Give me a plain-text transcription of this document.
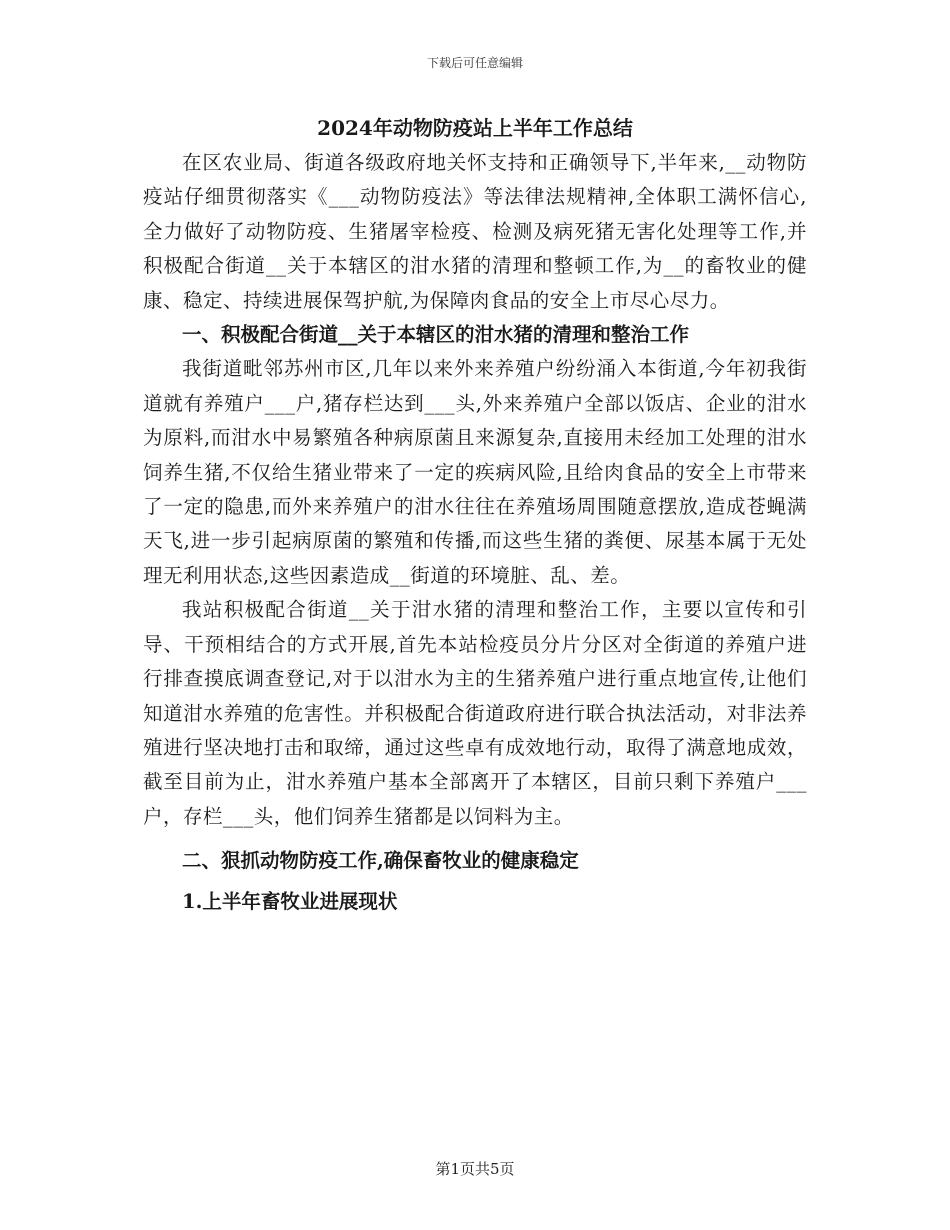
下载后可任意编辑
2024年动物防疫站上半年工作总结

在区农业局、街道各级政府地关怀支持和正确领导下,半年来,__动物防疫站仔细贯彻落实《___动物防疫法》等法律法规精神,全体职工满怀信心,全力做好了动物防疫、生猪屠宰检疫、检测及病死猪无害化处理等工作,并积极配合街道__关于本辖区的泔水猪的清理和整顿工作,为__的畜牧业的健康、稳定、持续进展保驾护航,为保障肉食品的安全上市尽心尽力。

一、积极配合街道__关于本辖区的泔水猪的清理和整治工作

我街道毗邻苏州市区,几年以来外来养殖户纷纷涌入本街道,今年初我街道就有养殖户___户,猪存栏达到___头,外来养殖户全部以饭店、企业的泔水为原料,而泔水中易繁殖各种病原菌且来源复杂,直接用未经加工处理的泔水饲养生猪,不仅给生猪业带来了一定的疾病风险,且给肉食品的安全上市带来了一定的隐患,而外来养殖户的泔水往往在养殖场周围随意摆放,造成苍蝇满天飞,进一步引起病原菌的繁殖和传播,而这些生猪的粪便、尿基本属于无处理无利用状态,这些因素造成__街道的环境脏、乱、差。

我站积极配合街道__关于泔水猪的清理和整治工作，主要以宣传和引导、干预相结合的方式开展,首先本站检疫员分片分区对全街道的养殖户进行排查摸底调查登记,对于以泔水为主的生猪养殖户进行重点地宣传,让他们知道泔水养殖的危害性。并积极配合街道政府进行联合执法活动，对非法养殖进行坚决地打击和取缔，通过这些卓有成效地行动，取得了满意地成效，截至目前为止，泔水养殖户基本全部离开了本辖区，目前只剩下养殖户___户，存栏___头，他们饲养生猪都是以饲料为主。

二、狠抓动物防疫工作,确保畜牧业的健康稳定

1.上半年畜牧业进展现状

第1页共5页
